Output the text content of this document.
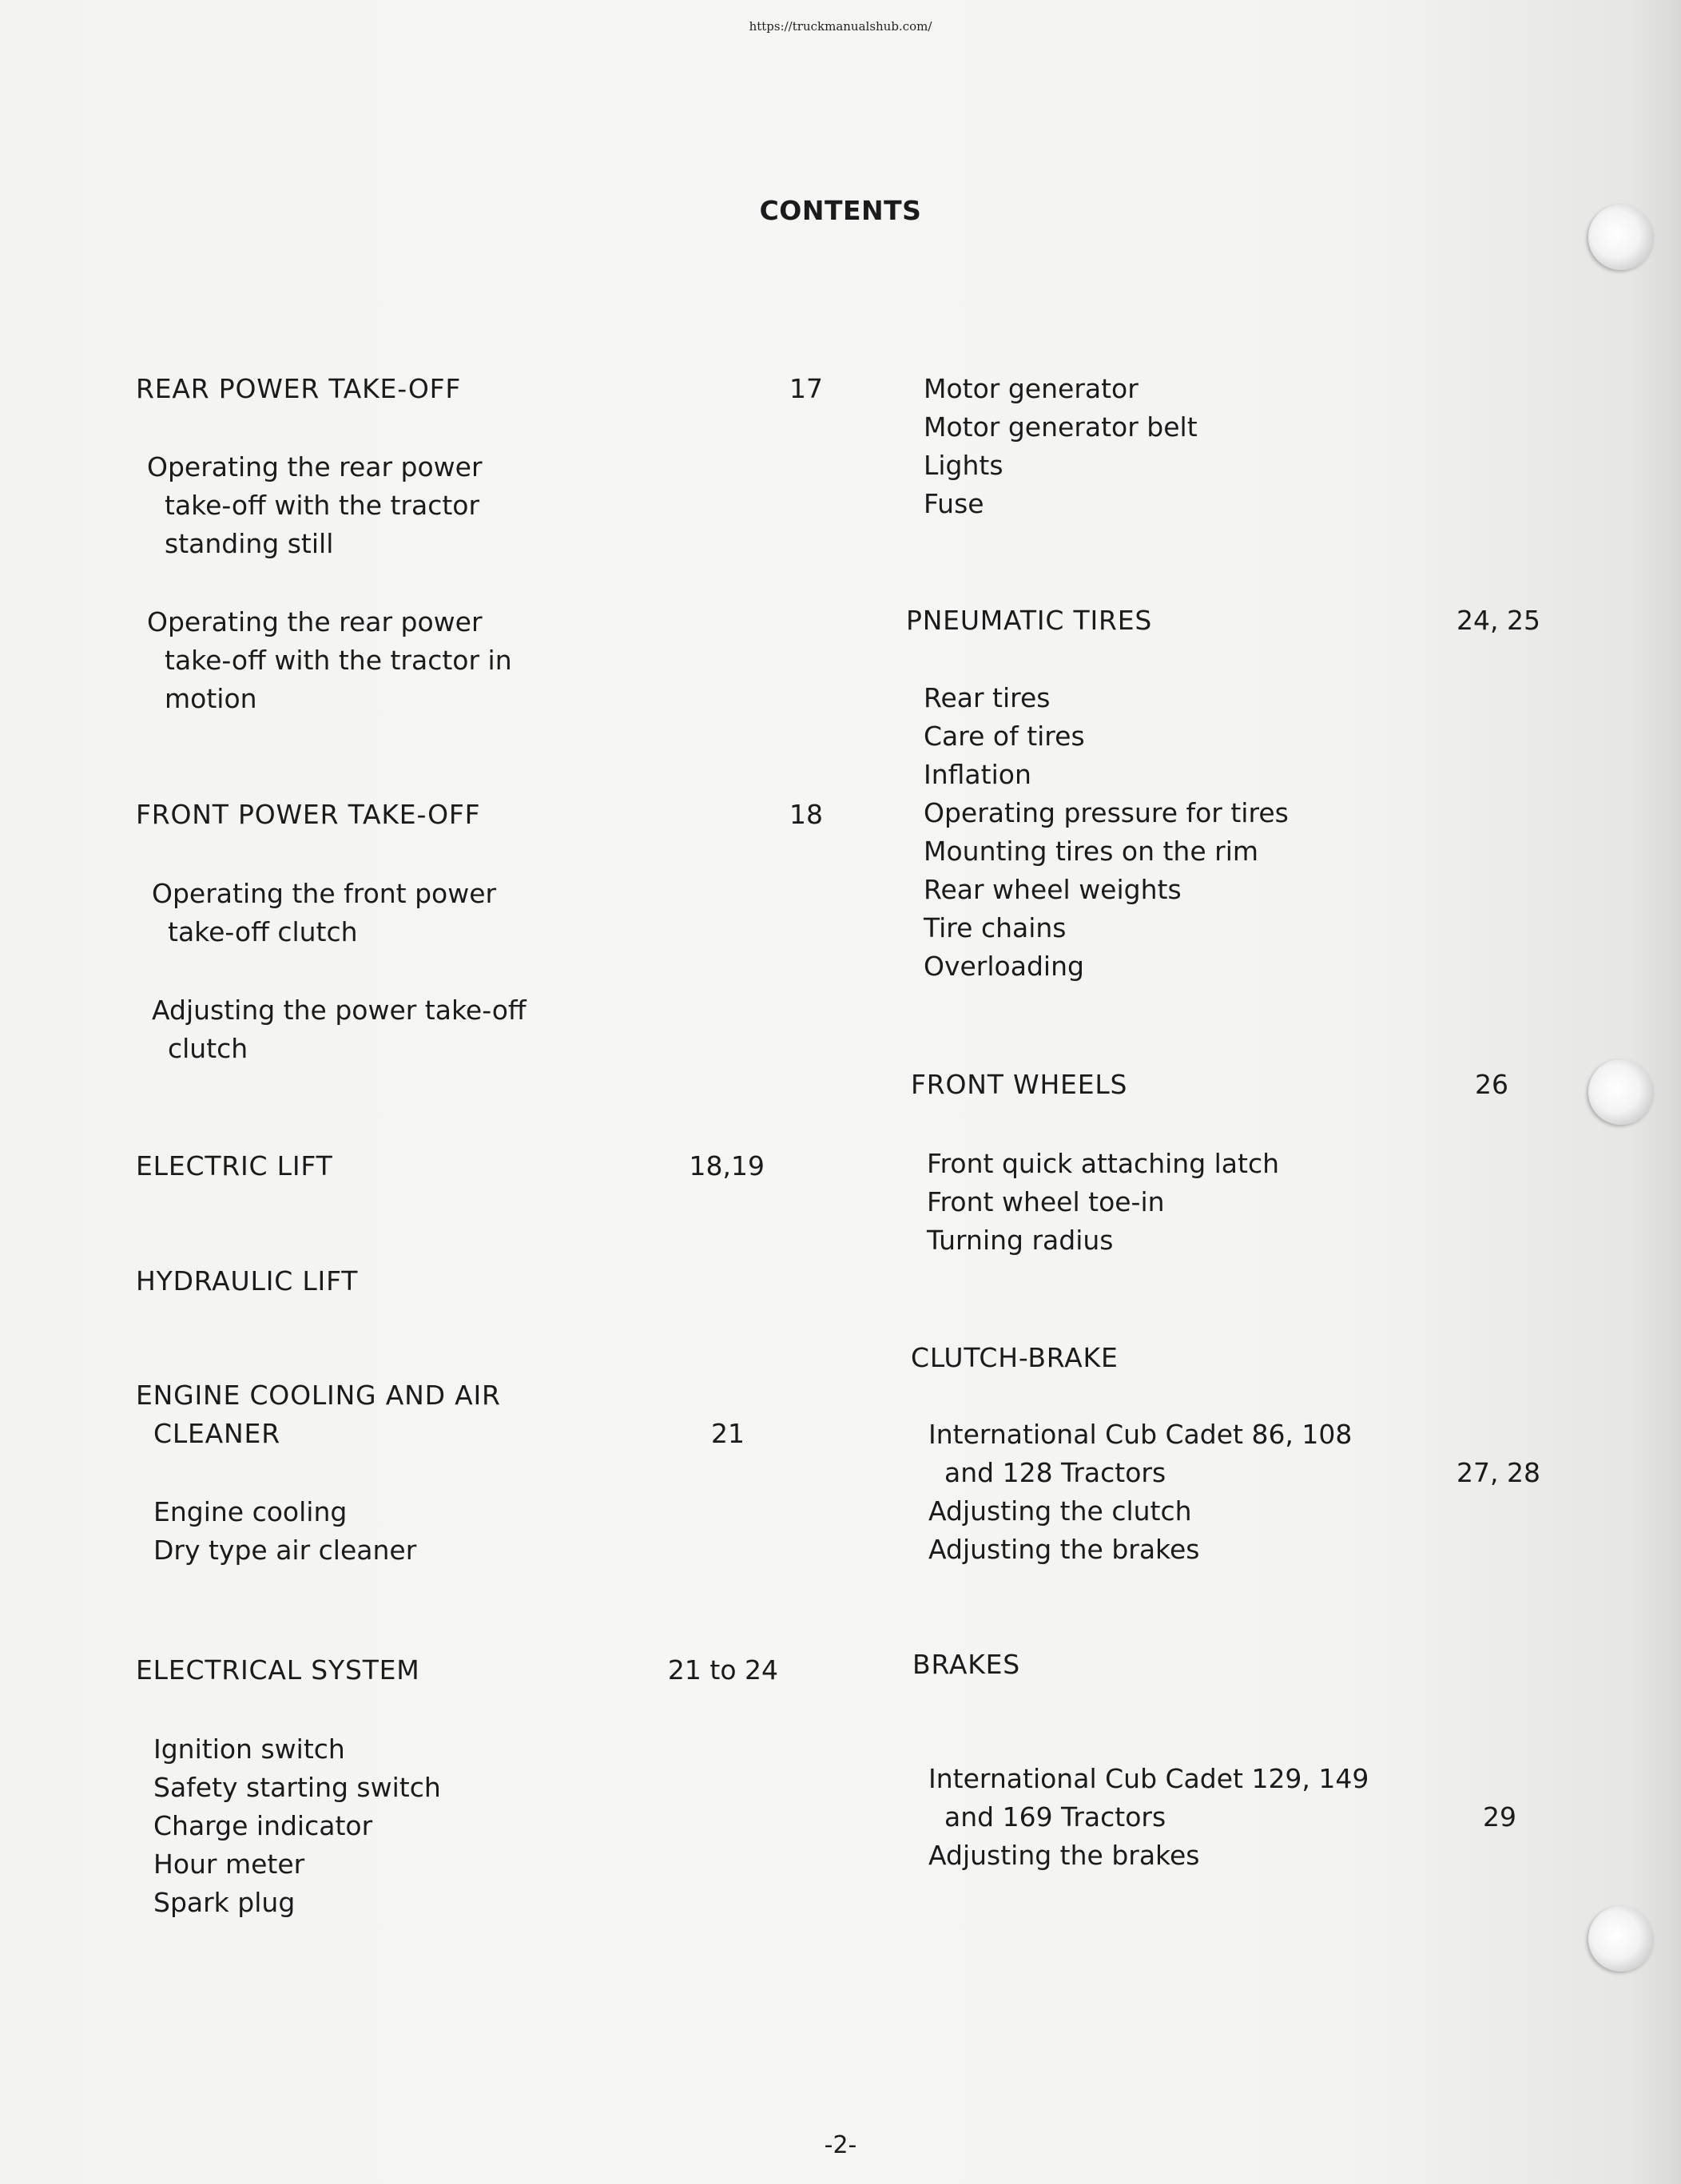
https://truckmanualshub.com/
CONTENTS
REAR POWER TAKE-OFF	17
Operating the rear power
take-off with the tractor
standing still
Operating the rear power
take-off with the tractor in
motion
FRONT POWER TAKE-OFF	18
Operating the front power
take-off clutch
Adjusting the power take-off
clutch
ELECTRIC LIFT	18,19
HYDRAULIC LIFT
ENGINE COOLING AND AIR
CLEANER	21
Engine cooling
Dry type air cleaner
ELECTRICAL SYSTEM	21 to 24
Ignition switch
Safety starting switch
Charge indicator
Hour meter
Spark plug
Motor generator
Motor generator belt
Lights
Fuse
PNEUMATIC TIRES	24, 25
Rear tires
Care of tires
Inflation
Operating pressure for tires
Mounting tires on the rim
Rear wheel weights
Tire chains
Overloading
FRONT WHEELS	26
Front quick attaching latch
Front wheel toe-in
Turning radius
CLUTCH-BRAKE
International Cub Cadet 86, 108
and 128 Tractors	27, 28
Adjusting the clutch
Adjusting the brakes
BRAKES
International Cub Cadet 129, 149
and 169 Tractors	29
Adjusting the brakes
-2-
